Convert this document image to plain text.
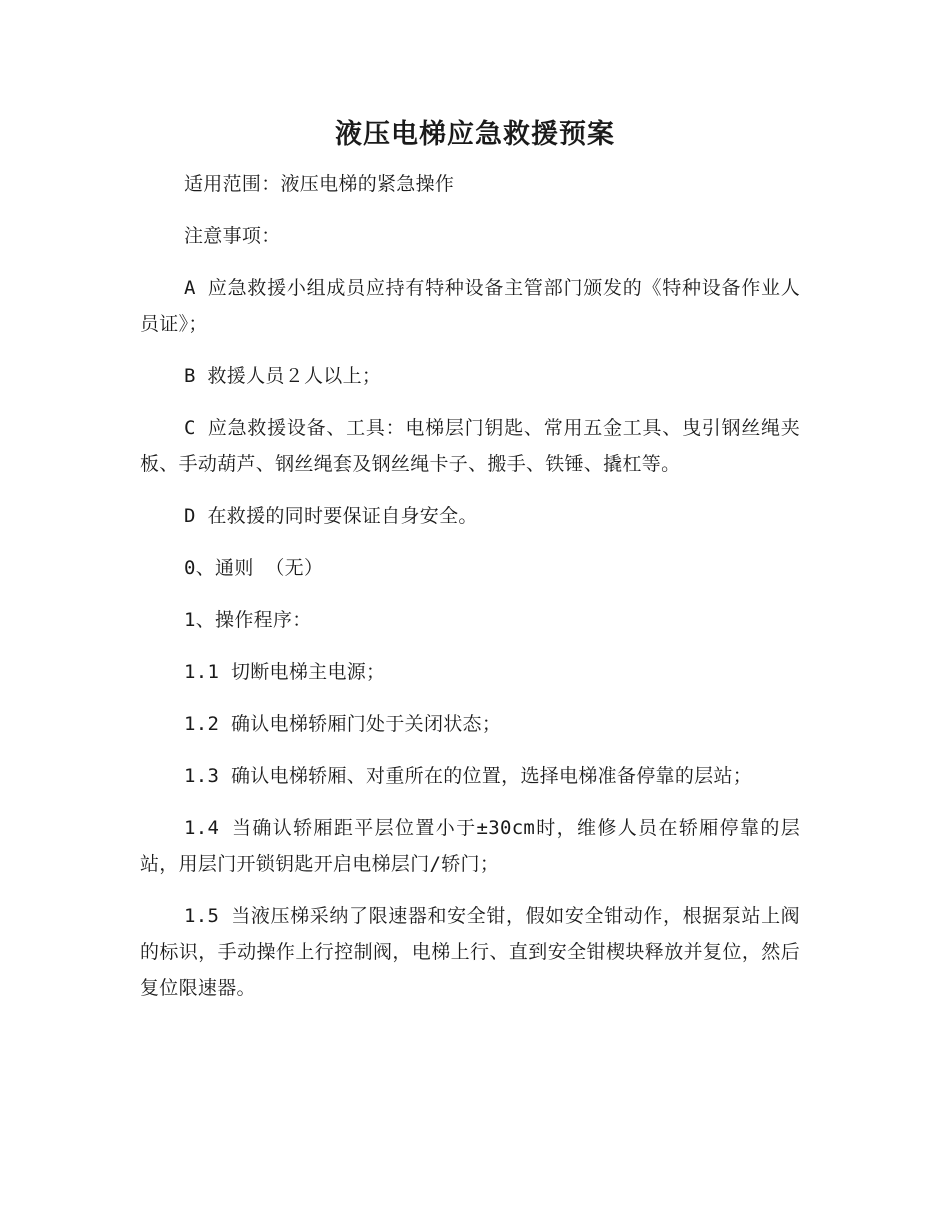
液压电梯应急救援预案

适用范围：液压电梯的紧急操作

注意事项：

A 应急救援小组成员应持有特种设备主管部门颁发的《特种设备作业人员证》；

B 救援人员２人以上；

C 应急救援设备、工具：电梯层门钥匙、常用五金工具、曳引钢丝绳夹板、手动葫芦、钢丝绳套及钢丝绳卡子、搬手、铁锤、撬杠等。

D 在救援的同时要保证自身安全。

0、通则 （无）

1、操作程序：

1.1 切断电梯主电源；

1.2 确认电梯轿厢门处于关闭状态；

1.3 确认电梯轿厢、对重所在的位置，选择电梯准备停靠的层站；

1.4 当确认轿厢距平层位置小于±30cm时，维修人员在轿厢停靠的层站，用层门开锁钥匙开启电梯层门/轿门；

1.5 当液压梯采纳了限速器和安全钳，假如安全钳动作，根据泵站上阀的标识，手动操作上行控制阀，电梯上行、直到安全钳楔块释放并复位，然后复位限速器。
